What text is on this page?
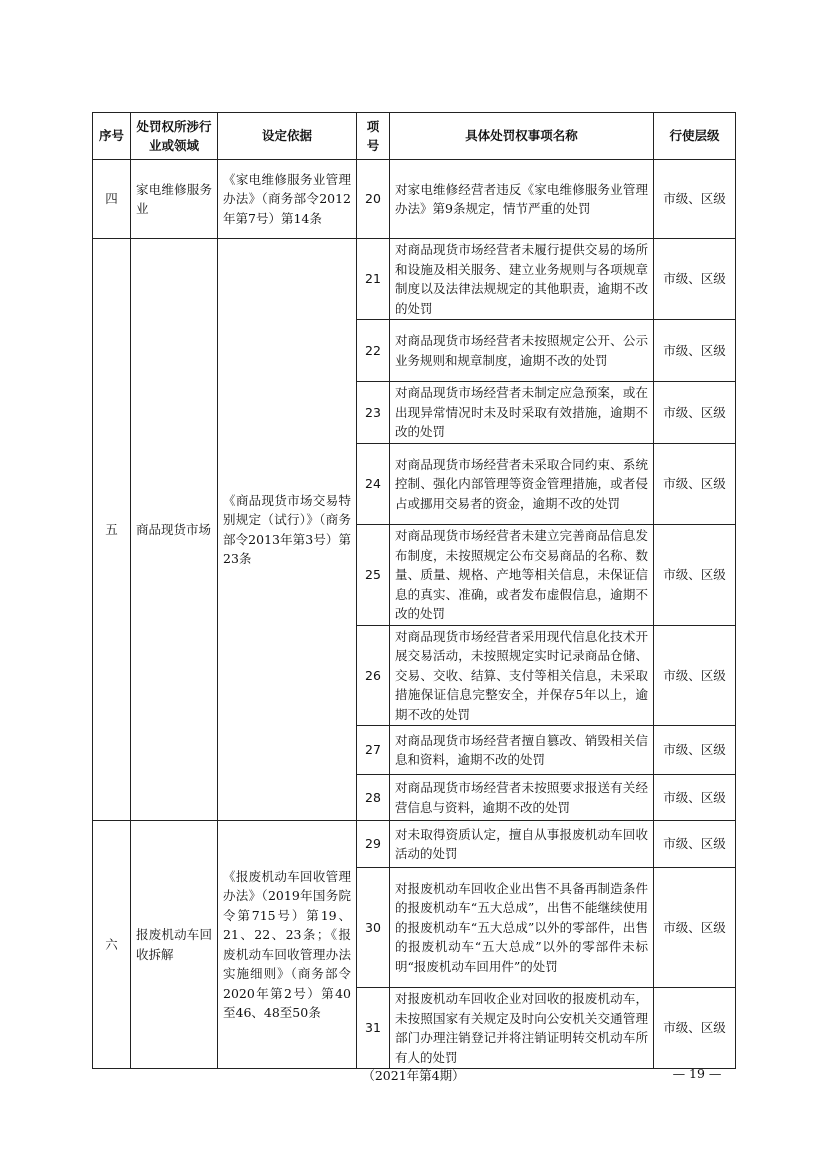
序号	处罚权所涉行业或领域	设定依据	项号	具体处罚权事项名称	行使层级
四	家电维修服务业	《家电维修服务业管理办法》（商务部令2012年第7号）第14条	20	对家电维修经营者违反《家电维修服务业管理办法》第9条规定，情节严重的处罚	市级、区级
五	商品现货市场	《商品现货市场交易特别规定（试行）》（商务部令2013年第3号）第23条	21	对商品现货市场经营者未履行提供交易的场所和设施及相关服务、建立业务规则与各项规章制度以及法律法规规定的其他职责，逾期不改的处罚	市级、区级
			22	对商品现货市场经营者未按照规定公开、公示业务规则和规章制度，逾期不改的处罚	市级、区级
			23	对商品现货市场经营者未制定应急预案，或在出现异常情况时未及时采取有效措施，逾期不改的处罚	市级、区级
			24	对商品现货市场经营者未采取合同约束、系统控制、强化内部管理等资金管理措施，或者侵占或挪用交易者的资金，逾期不改的处罚	市级、区级
			25	对商品现货市场经营者未建立完善商品信息发布制度，未按照规定公布交易商品的名称、数量、质量、规格、产地等相关信息，未保证信息的真实、准确，或者发布虚假信息，逾期不改的处罚	市级、区级
			26	对商品现货市场经营者采用现代信息化技术开展交易活动，未按照规定实时记录商品仓储、交易、交收、结算、支付等相关信息，未采取措施保证信息完整安全，并保存5年以上，逾期不改的处罚	市级、区级
			27	对商品现货市场经营者擅自篡改、销毁相关信息和资料，逾期不改的处罚	市级、区级
			28	对商品现货市场经营者未按照要求报送有关经营信息与资料，逾期不改的处罚	市级、区级
六	报废机动车回收拆解	《报废机动车回收管理办法》（2019年国务院令第715号）第19、21、22、23条；《报废机动车回收管理办法实施细则》（商务部令2020年第2号）第40至46、48至50条	29	对未取得资质认定，擅自从事报废机动车回收活动的处罚	市级、区级
			30	对报废机动车回收企业出售不具备再制造条件的报废机动车“五大总成”，出售不能继续使用的报废机动车“五大总成”以外的零部件，出售的报废机动车“五大总成”以外的零部件未标明“报废机动车回用件”的处罚	市级、区级
			31	对报废机动车回收企业对回收的报废机动车，未按照国家有关规定及时向公安机关交通管理部门办理注销登记并将注销证明转交机动车所有人的处罚	市级、区级
（2021年第4期）	— 19 —
